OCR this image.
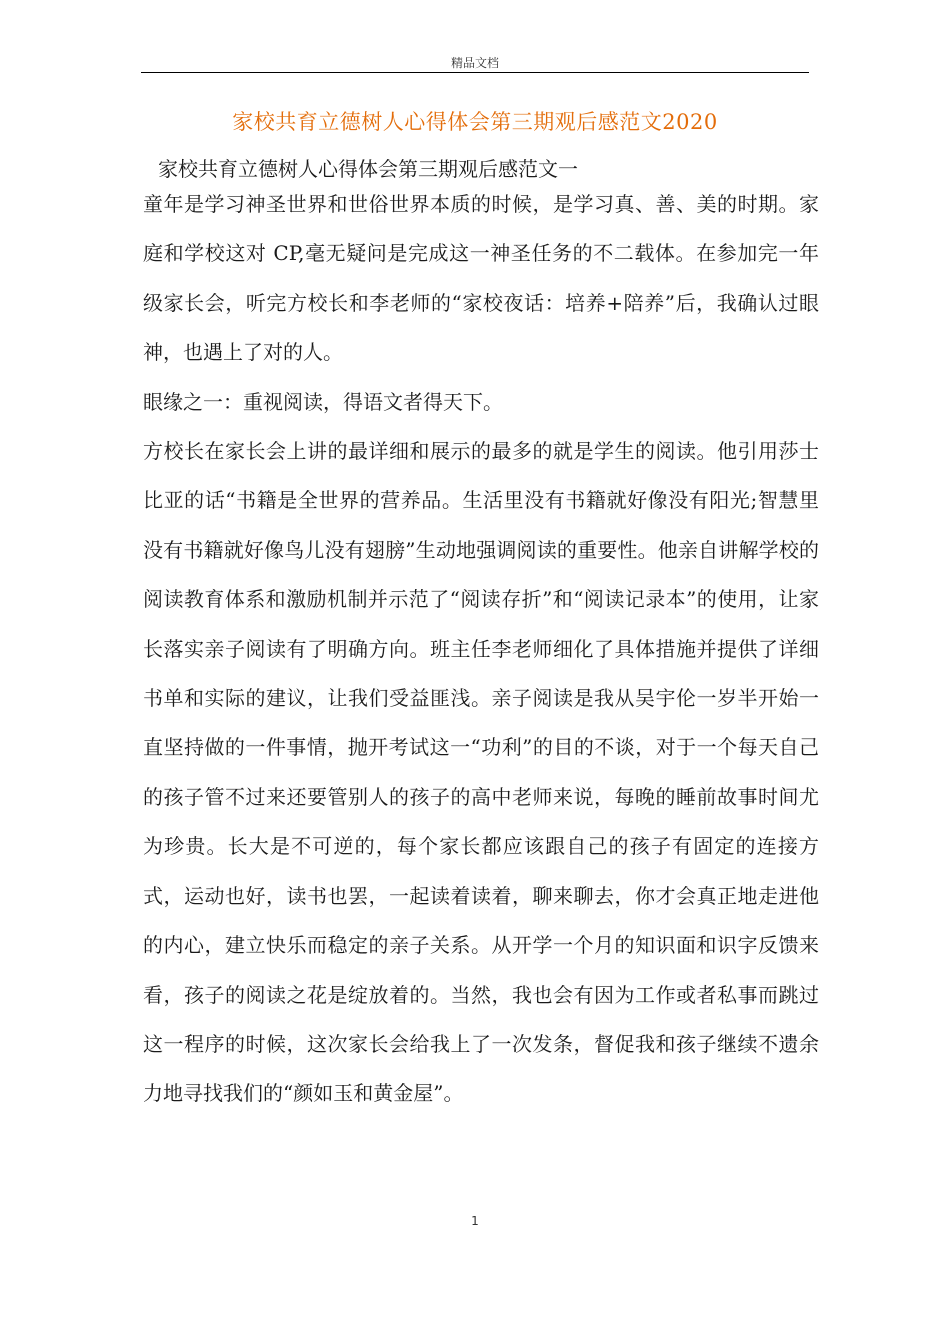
精品文档
家校共育立德树人心得体会第三期观后感范文2020
家校共育立德树人心得体会第三期观后感范文一

童年是学习神圣世界和世俗世界本质的时候，是学习真、善、美的时期。家庭和学校这对 CP,毫无疑问是完成这一神圣任务的不二载体。在参加完一年级家长会，听完方校长和李老师的“家校夜话：培养+陪养”后，我确认过眼神，也遇上了对的人。

眼缘之一：重视阅读，得语文者得天下。

方校长在家长会上讲的最详细和展示的最多的就是学生的阅读。他引用莎士比亚的话“书籍是全世界的营养品。生活里没有书籍就好像没有阳光;智慧里没有书籍就好像鸟儿没有翅膀”生动地强调阅读的重要性。他亲自讲解学校的阅读教育体系和激励机制并示范了“阅读存折”和“阅读记录本”的使用，让家长落实亲子阅读有了明确方向。班主任李老师细化了具体措施并提供了详细书单和实际的建议，让我们受益匪浅。亲子阅读是我从吴宇伦一岁半开始一直坚持做的一件事情，抛开考试这一“功利”的目的不谈，对于一个每天自己的孩子管不过来还要管别人的孩子的高中老师来说，每晚的睡前故事时间尤为珍贵。长大是不可逆的，每个家长都应该跟自己的孩子有固定的连接方式，运动也好，读书也罢，一起读着读着，聊来聊去，你才会真正地走进他的内心，建立快乐而稳定的亲子关系。从开学一个月的知识面和识字反馈来看，孩子的阅读之花是绽放着的。当然，我也会有因为工作或者私事而跳过这一程序的时候，这次家长会给我上了一次发条，督促我和孩子继续不遗余力地寻找我们的“颜如玉和黄金屋”。

1
